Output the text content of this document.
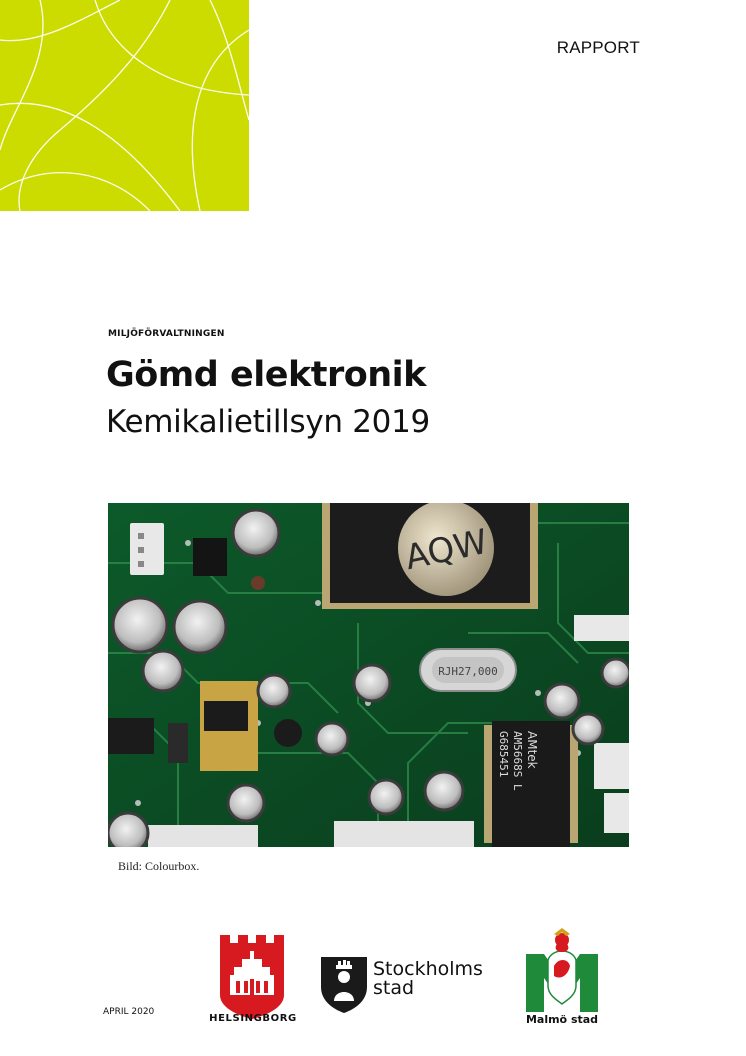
RAPPORT
MILJÖFÖRVALTNINGEN
Gömd elektronik
Kemikalietillsyn 2019
AQW
RJH27,000
AMtek
AM5668S L
G685451
Bild: Colourbox.
APRIL 2020
HELSINGBORG
Stockholms
stad
Malmö stad
